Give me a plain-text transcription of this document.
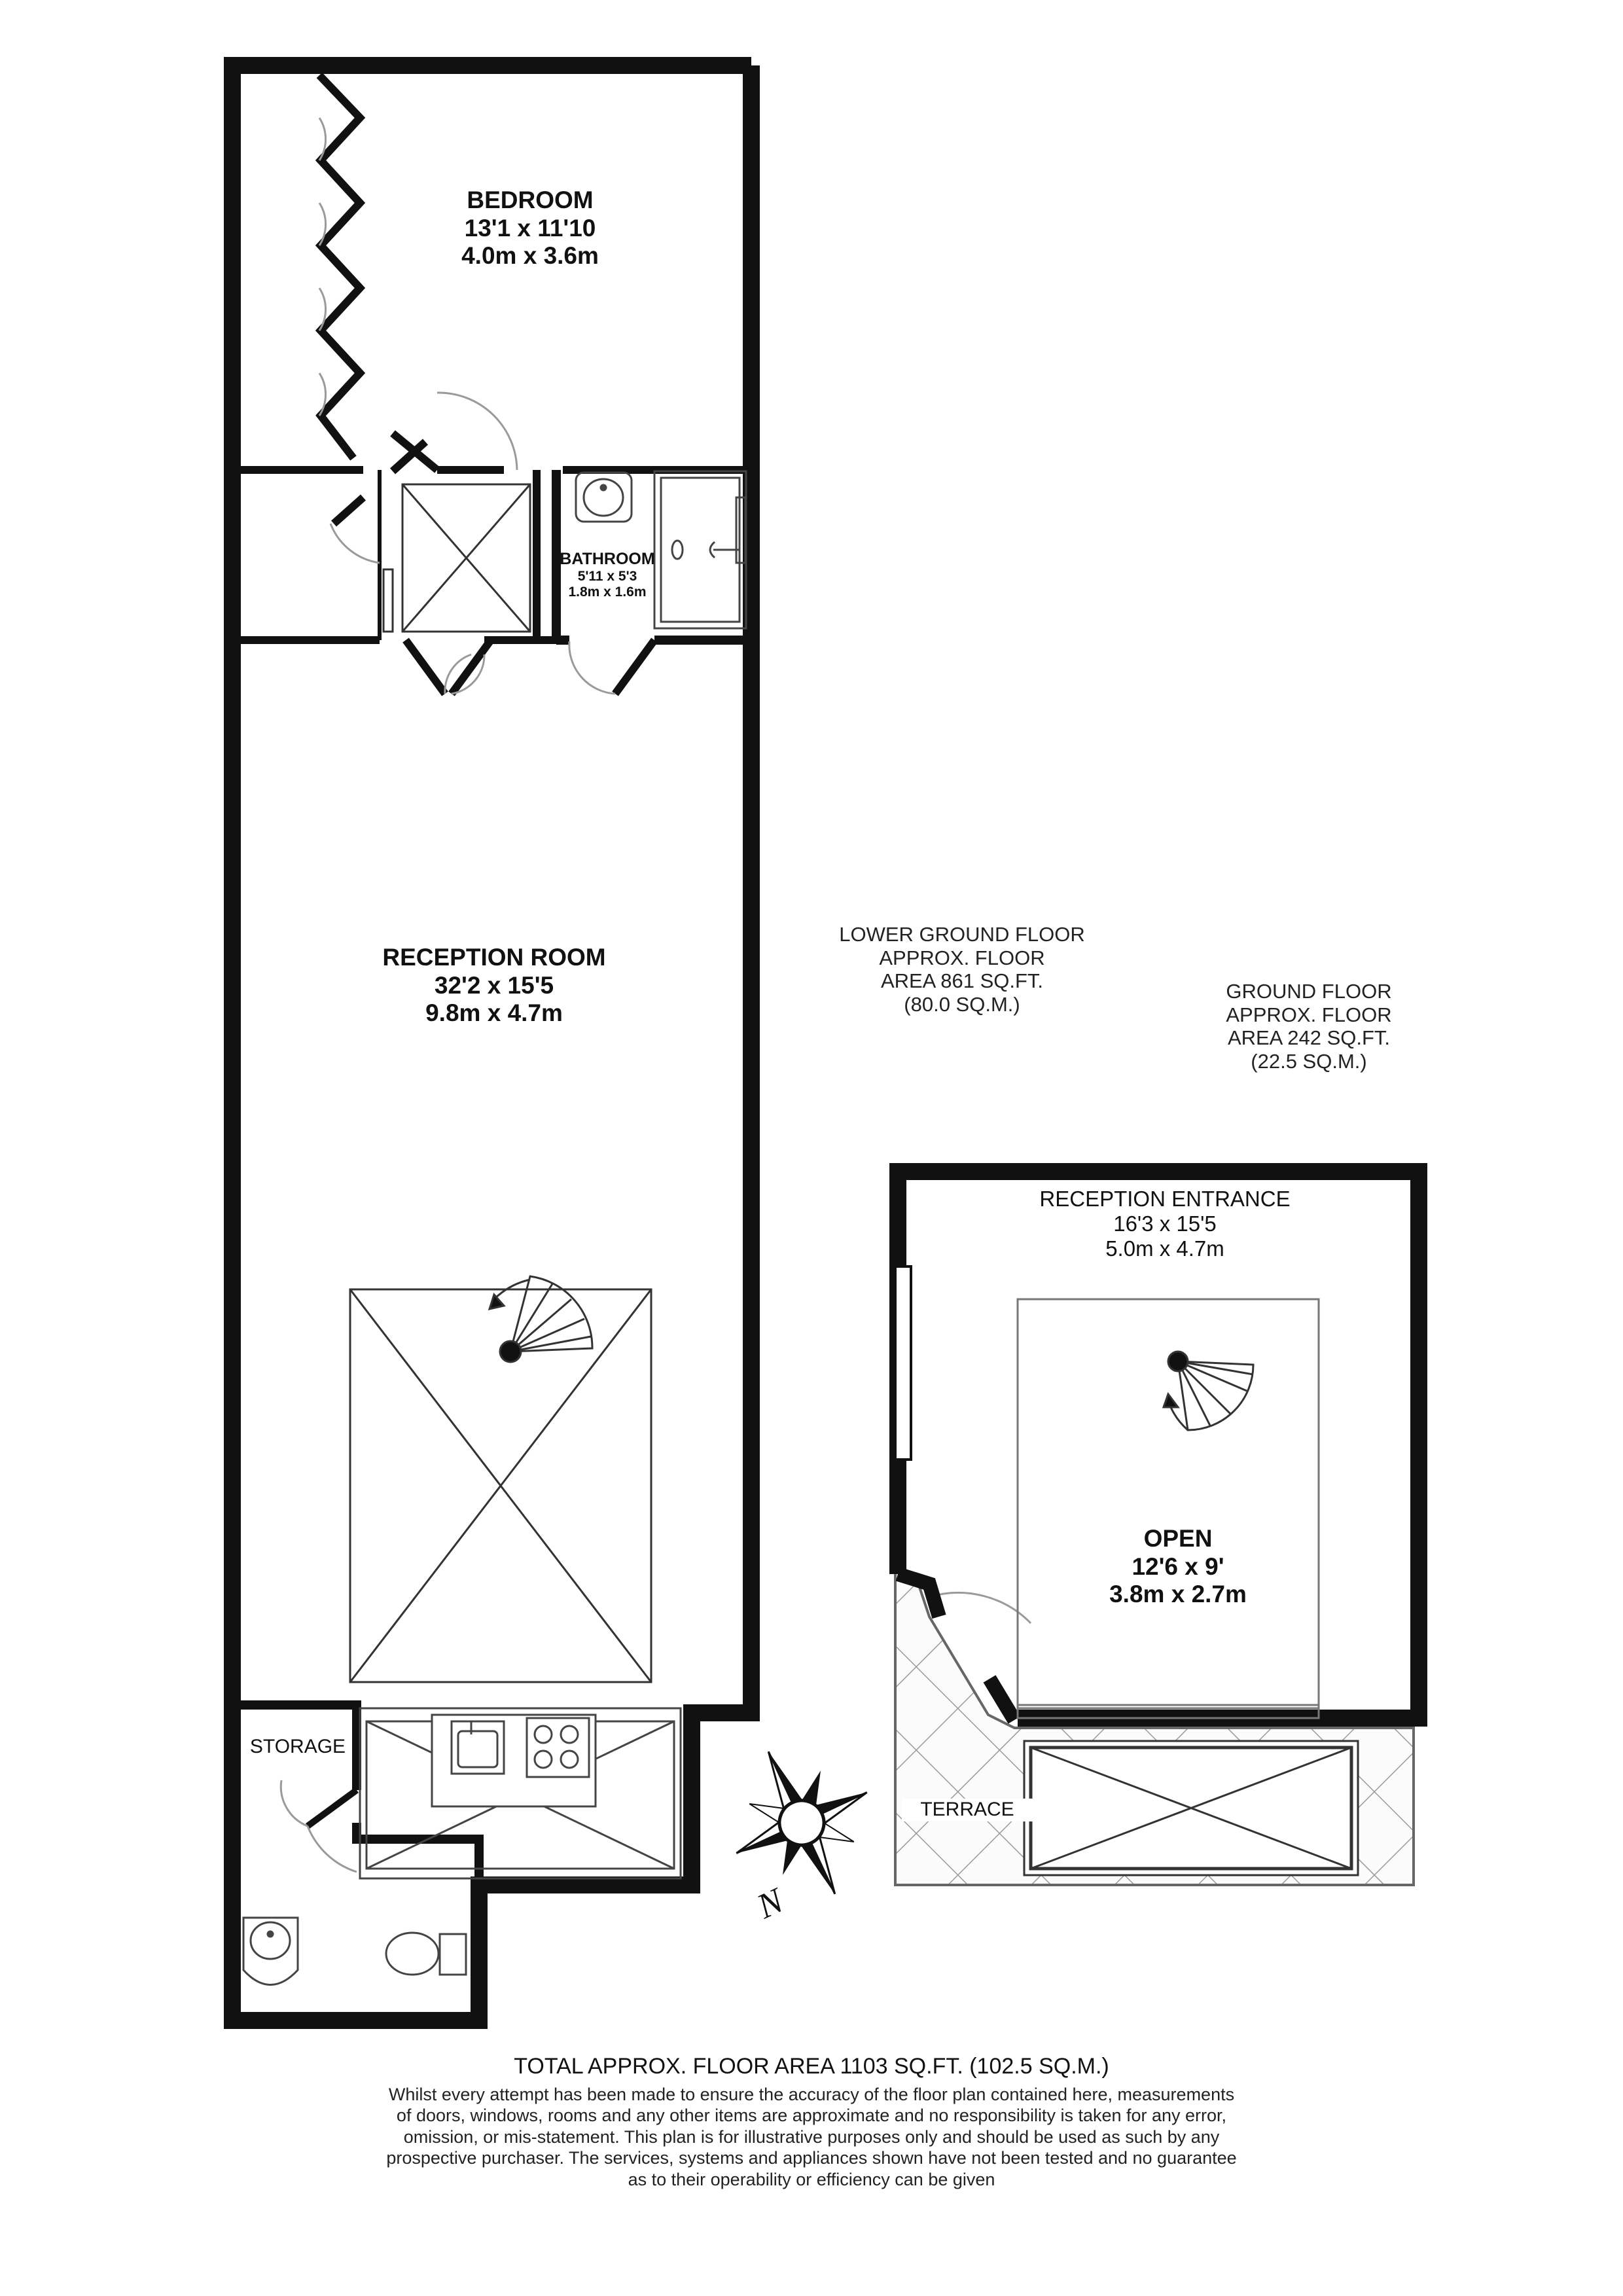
N
BEDROOM
13'1 x 11'10
4.0m x 3.6m
BATHROOM
5'11 x 5'3
1.8m x 1.6m
RECEPTION ROOM
32'2 x 15'5
9.8m x 4.7m
STORAGE
LOWER GROUND FLOOR
APPROX. FLOOR
AREA 861 SQ.FT.
(80.0 SQ.M.)
GROUND FLOOR
APPROX. FLOOR
AREA 242 SQ.FT.
(22.5 SQ.M.)
RECEPTION ENTRANCE
16'3 x 15'5
5.0m x 4.7m
OPEN
12'6 x 9'
3.8m x 2.7m
TERRACE
TOTAL APPROX. FLOOR AREA 1103 SQ.FT. (102.5 SQ.M.)
Whilst every attempt has been made to ensure the accuracy of the floor plan contained here, measurements
of doors, windows, rooms and any other items are approximate and no responsibility is taken for any error,
omission, or mis-statement. This plan is for illustrative purposes only and should be used as such by any
prospective purchaser. The services, systems and appliances shown have not been tested and no guarantee
as to their operability or efficiency can be given
